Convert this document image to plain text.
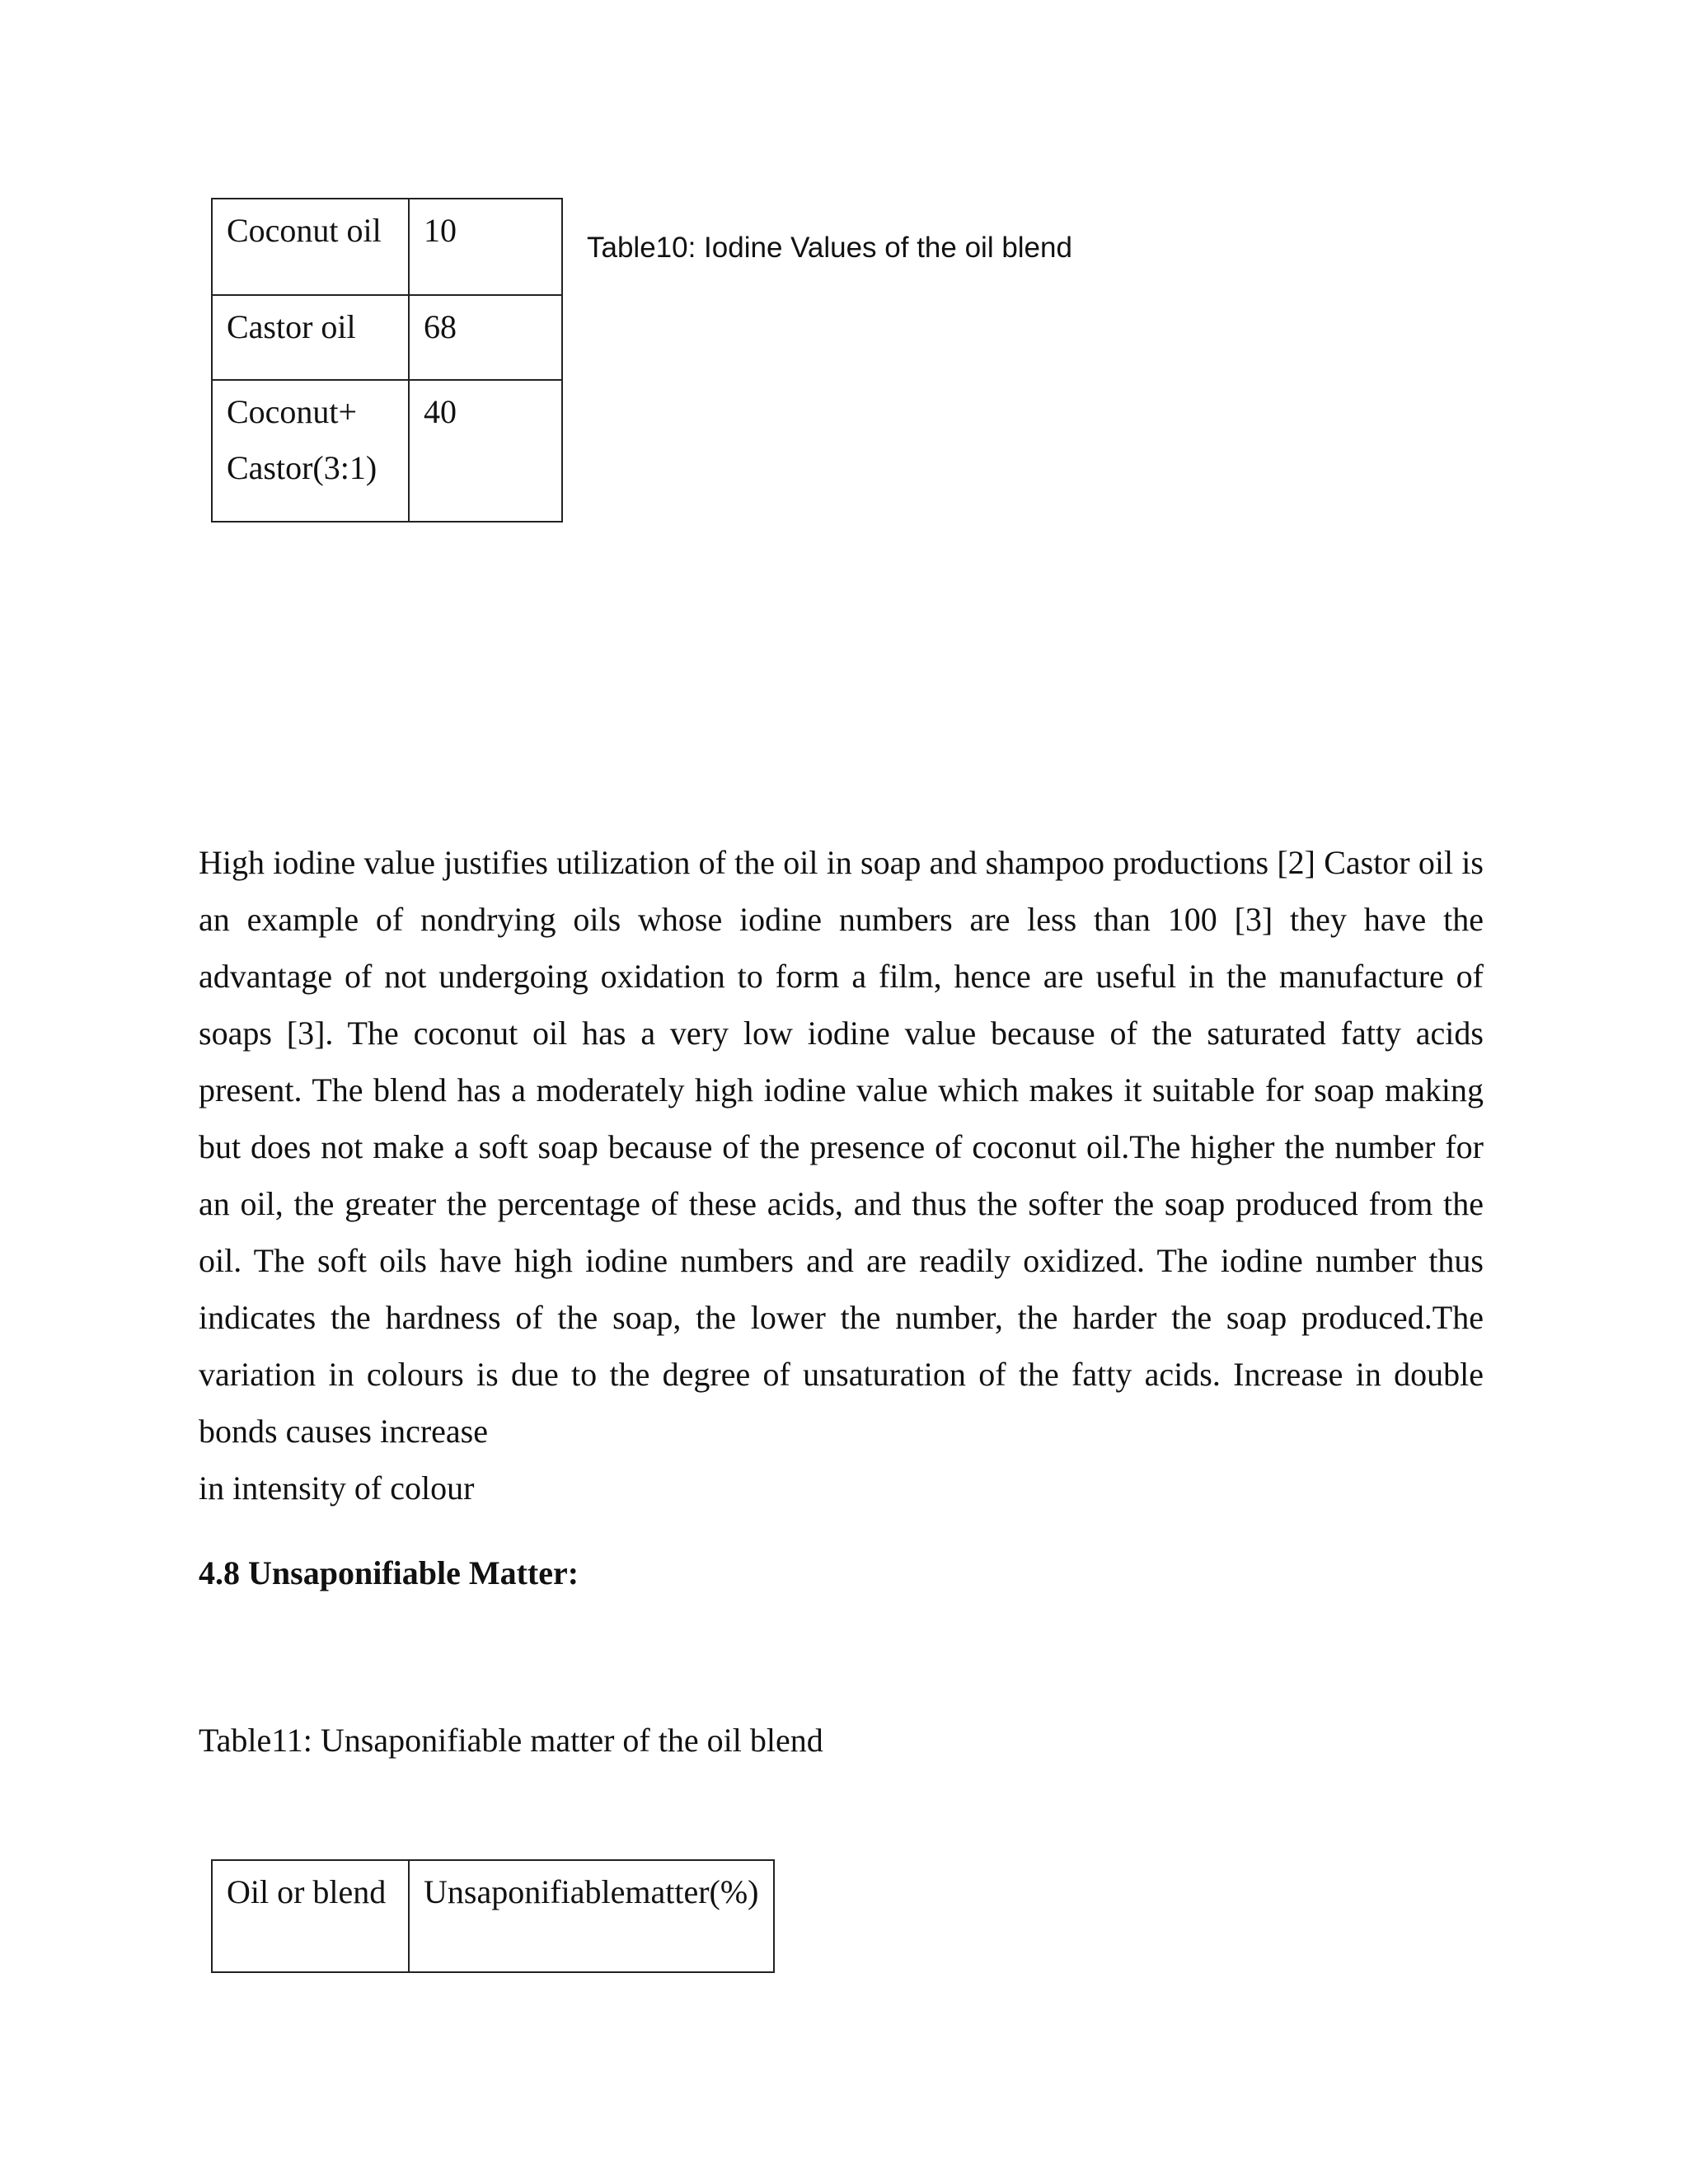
Coconut oil	10

Castor oil	68

Coconut+
Castor(3:1)	40
Table10: Iodine Values of the oil blend
High iodine value justifies utilization of the oil in soap and shampoo productions [2] Castor oil is
an example of nondrying oils whose iodine numbers are less than 100 [3] they have the
advantage of not undergoing oxidation to form a film, hence are useful in the manufacture of
soaps [3]. The coconut oil has a very low iodine value because of the saturated fatty acids
present. The blend has a moderately high iodine value which makes it suitable for soap making
but does not make a soft soap because of the presence of coconut oil.The higher the number for
an oil, the greater the percentage of these acids, and thus the softer the soap produced from the
oil. The soft oils have high iodine numbers and are readily oxidized. The iodine number thus
indicates the hardness of the soap, the lower the number, the harder the soap produced.The
variation in colours is due to the degree of unsaturation of the fatty acids. Increase in double
bonds causes increase
in intensity of colour
4.8 Unsaponifiable Matter:
Table11: Unsaponifiable matter of the oil blend
Oil or blend	Unsaponifiablematter(%)
